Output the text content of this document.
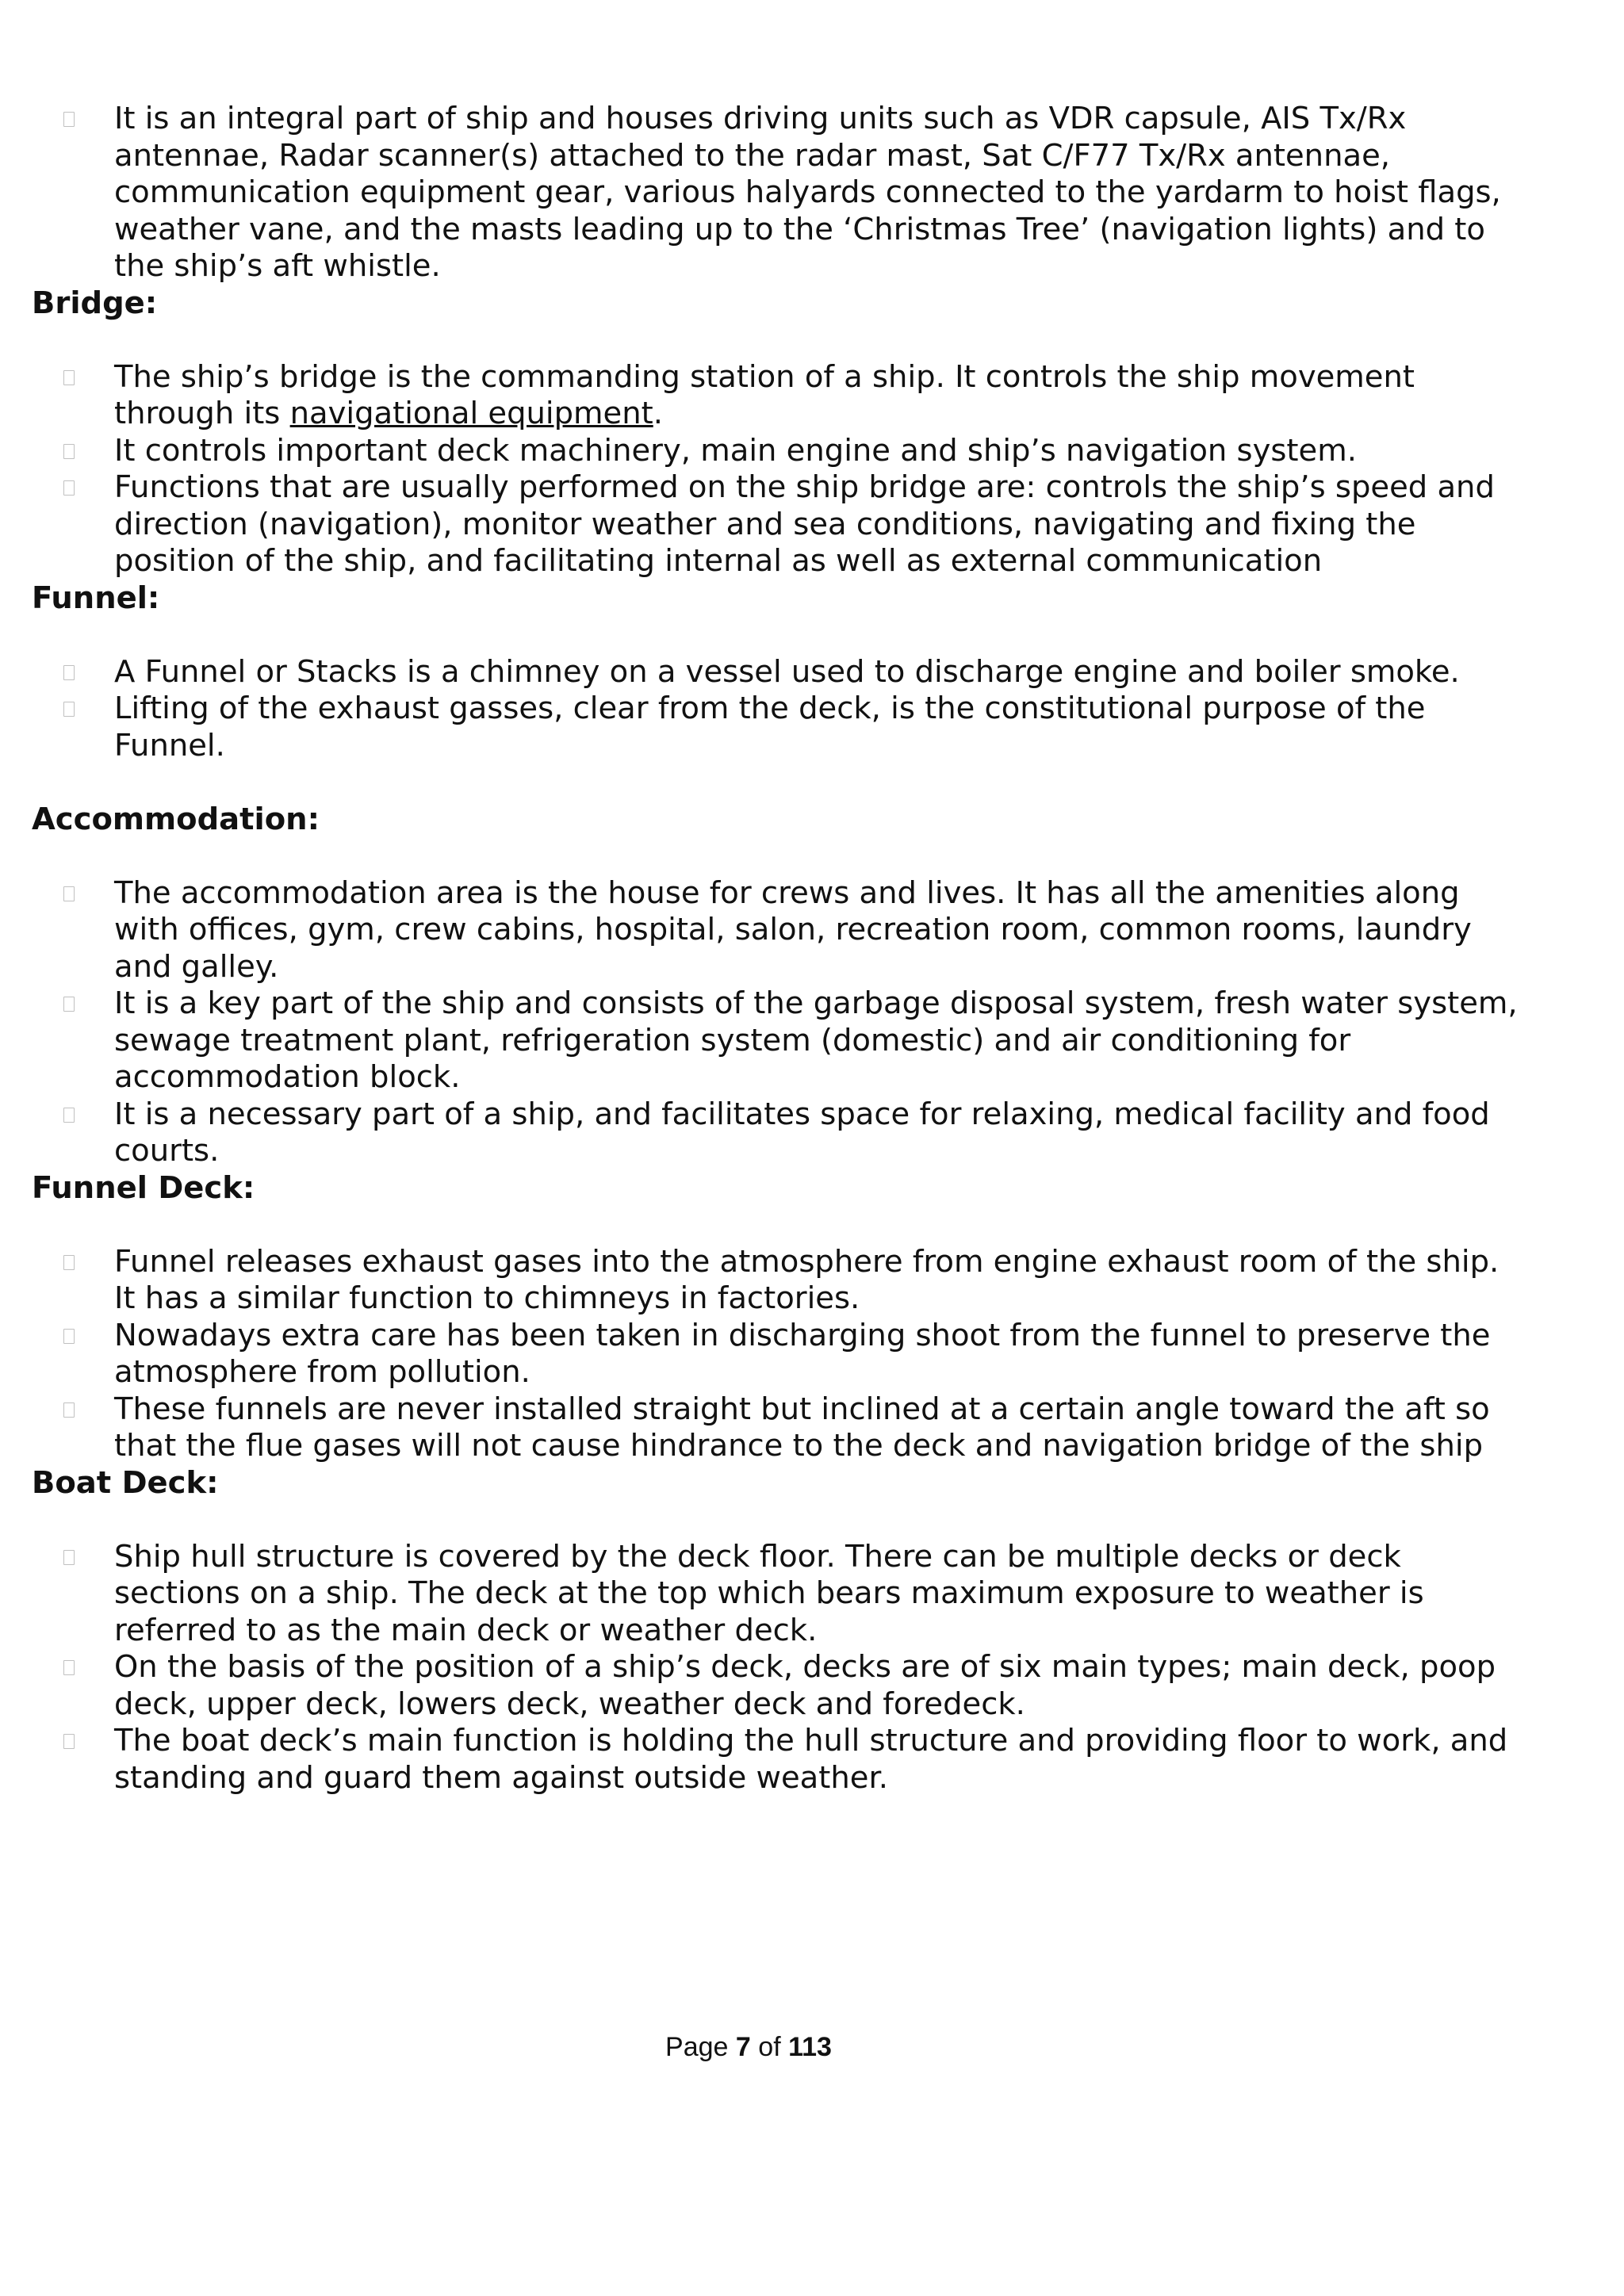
It is an integral part of ship and houses driving units such as VDR capsule, AIS Tx/Rx antennae, Radar scanner(s) attached to the radar mast, Sat C/F77 Tx/Rx antennae, communication equipment gear, various halyards connected to the yardarm to hoist flags, weather vane, and the masts leading up to the ‘Christmas Tree’ (navigation lights) and to the ship’s aft whistle.
Bridge:
The ship’s bridge is the commanding station of a ship. It controls the ship movement through its navigational equipment.
It controls important deck machinery, main engine and ship’s navigation system.
Functions that are usually performed on the ship bridge are: controls the ship’s speed and direction (navigation), monitor weather and sea conditions, navigating and fixing the position of the ship, and facilitating internal as well as external communication
Funnel:
A Funnel or Stacks is a chimney on a vessel used to discharge engine and boiler smoke.
Lifting of the exhaust gasses, clear from the deck, is the constitutional purpose of the Funnel.
Accommodation:
The accommodation area is the house for crews and lives. It has all the amenities along with offices, gym, crew cabins, hospital, salon, recreation room, common rooms, laundry and galley.
It is a key part of the ship and consists of the garbage disposal system, fresh water system, sewage treatment plant, refrigeration system (domestic) and air conditioning for accommodation block.
It is a necessary part of a ship, and facilitates space for relaxing, medical facility and food courts.
Funnel Deck:
Funnel releases exhaust gases into the atmosphere from engine exhaust room of the ship. It has a similar function to chimneys in factories.
Nowadays extra care has been taken in discharging shoot from the funnel to preserve the atmosphere from pollution.
These funnels are never installed straight but inclined at a certain angle toward the aft so that the flue gases will not cause hindrance to the deck and navigation bridge of the ship
Boat Deck:
Ship hull structure is covered by the deck floor. There can be multiple decks or deck sections on a ship. The deck at the top which bears maximum exposure to weather is referred to as the main deck or weather deck.
On the basis of the position of a ship’s deck, decks are of six main types; main deck, poop deck, upper deck, lowers deck, weather deck and foredeck.
The boat deck’s main function is holding the hull structure and providing floor to work, and standing and guard them against outside weather.
Page 7 of 113
